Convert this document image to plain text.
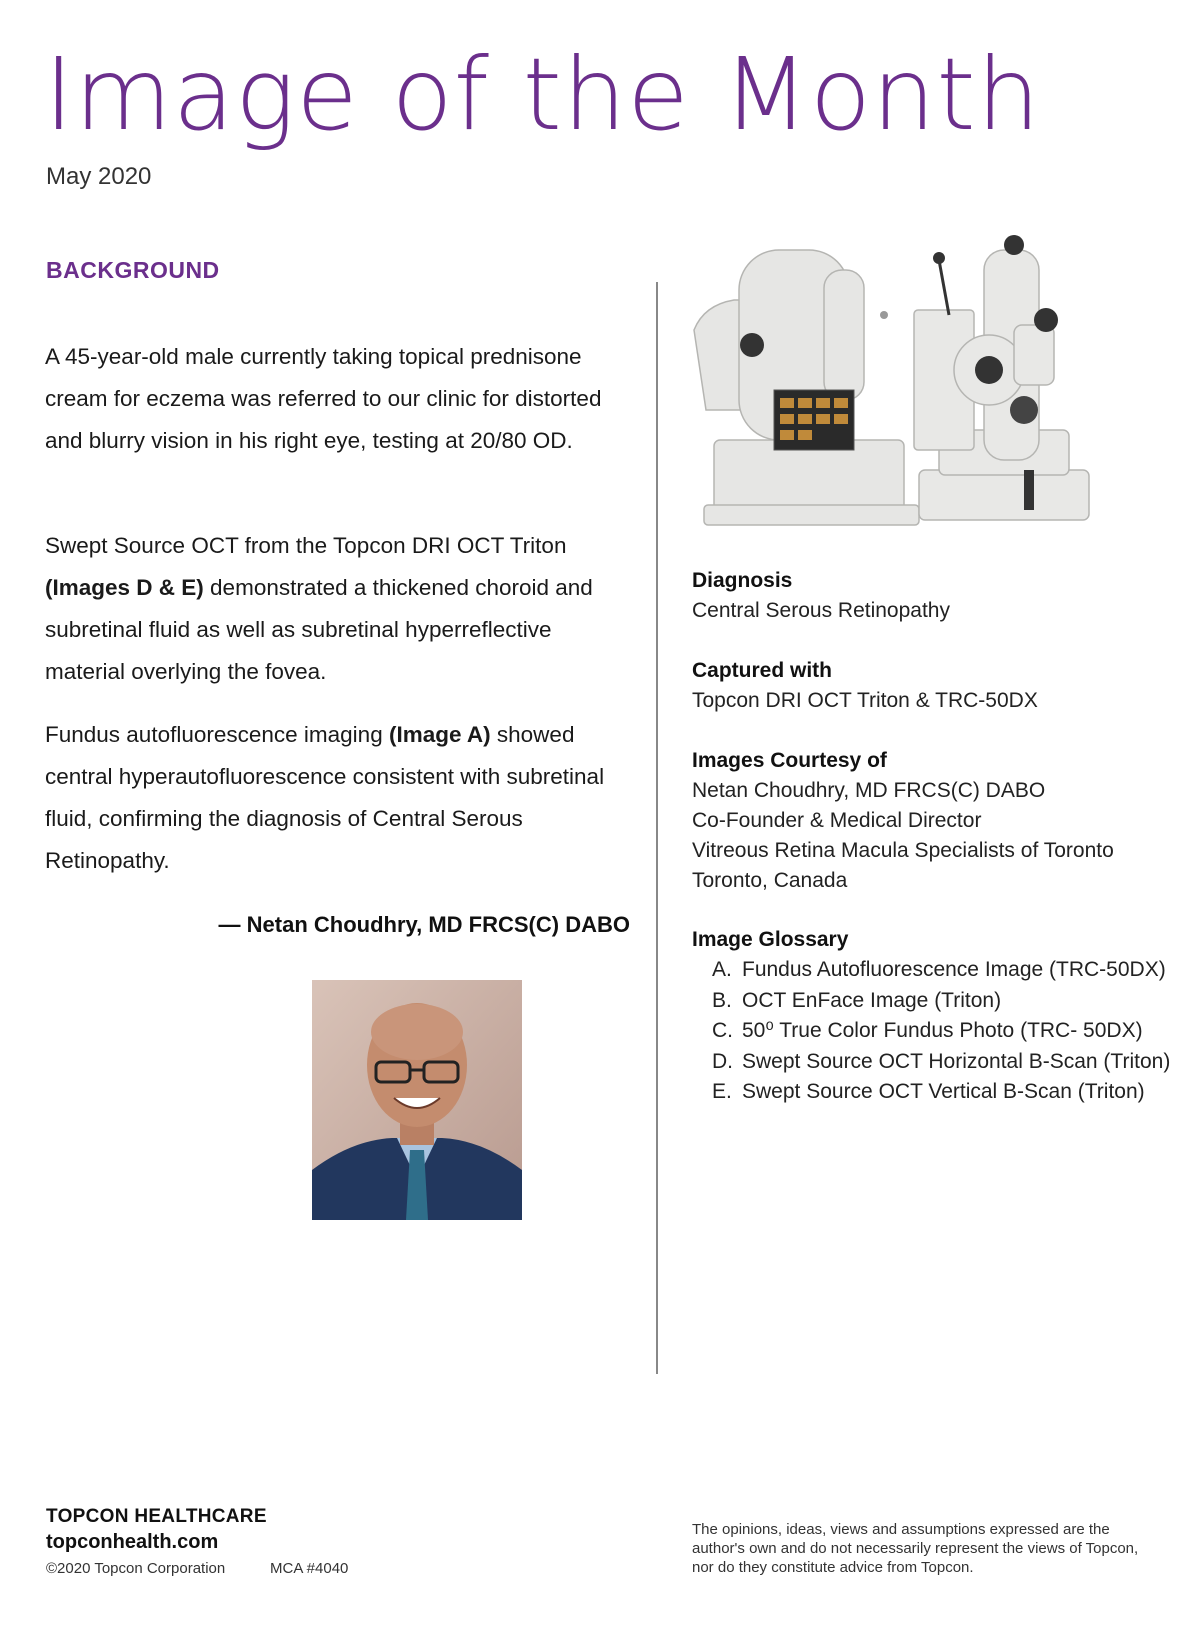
Image of the Month
May 2020
BACKGROUND
A 45-year-old male currently taking topical prednisone cream for eczema was referred to our clinic for distorted and blurry vision in his right eye, testing at 20/80 OD.
Swept Source OCT from the Topcon DRI OCT Triton (Images D & E) demonstrated a thickened choroid and subretinal fluid as well as subretinal hyperreflective material overlying the fovea.
Fundus autofluorescence imaging (Image A) showed central hyperautofluorescence consistent with subretinal fluid, confirming the diagnosis of Central Serous Retinopathy.
— Netan Choudhry, MD FRCS(C) DABO
Diagnosis
Central Serous Retinopathy
Captured with
Topcon DRI OCT Triton & TRC-50DX
Images Courtesy of
Netan Choudhry, MD FRCS(C) DABO
Co-Founder & Medical Director
Vitreous Retina Macula Specialists of Toronto
Toronto, Canada
Image Glossary
A. Fundus Autofluorescence Image (TRC-50DX)
B. OCT EnFace Image (Triton)
C. 50⁰ True Color Fundus Photo (TRC- 50DX)
D. Swept Source OCT Horizontal B-Scan (Triton)
E. Swept Source OCT Vertical B-Scan (Triton)
TOPCON HEALTHCARE
topconhealth.com
©2020 Topcon Corporation	MCA #4040
The opinions, ideas, views and assumptions expressed are the author's own and do not necessarily represent the views of Topcon, nor do they constitute advice from Topcon.
